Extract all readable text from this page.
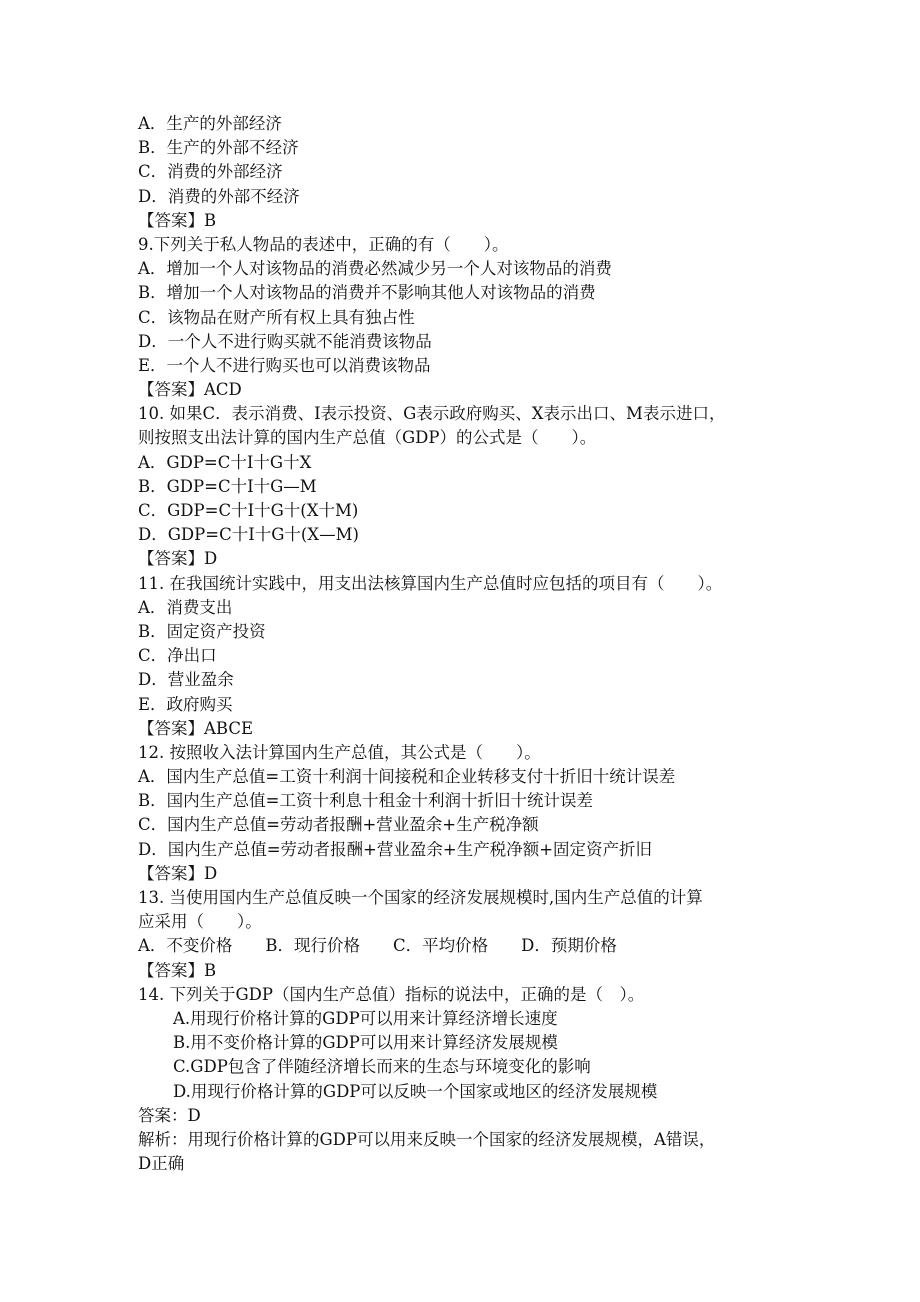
A．生产的外部经济
B．生产的外部不经济
C．消费的外部经济
D．消费的外部不经济
【答案】B
9.下列关于私人物品的表述中，正确的有（　　）。
A．增加一个人对该物品的消费必然减少另一个人对该物品的消费
B．增加一个人对该物品的消费并不影响其他人对该物品的消费
C．该物品在财产所有权上具有独占性
D．一个人不进行购买就不能消费该物品
E．一个人不进行购买也可以消费该物品
【答案】ACD
10. 如果C．表示消费、I表示投资、G表示政府购买、X表示出口、M表示进口，
则按照支出法计算的国内生产总值（GDP）的公式是（　　）。
A．GDP=C十I十G十X
B．GDP=C十I十G—M
C．GDP=C十I十G十(X十M)
D．GDP=C十I十G十(X—M)
【答案】D
11. 在我国统计实践中，用支出法核算国内生产总值时应包括的项目有（　　）。
A．消费支出
B．固定资产投资
C．净出口
D．营业盈余
E．政府购买
【答案】ABCE
12. 按照收入法计算国内生产总值，其公式是（　　）。
A．国内生产总值=工资十利润十间接税和企业转移支付十折旧十统计误差
B．国内生产总值=工资十利息十租金十利润十折旧十统计误差
C．国内生产总值=劳动者报酬+营业盈余+生产税净额
D．国内生产总值=劳动者报酬+营业盈余+生产税净额+固定资产折旧
【答案】D
13. 当使用国内生产总值反映一个国家的经济发展规模时,国内生产总值的计算
应采用（　　）。
A．不变价格　　B．现行价格　　C．平均价格　　D．预期价格
【答案】B
14. 下列关于GDP（国内生产总值）指标的说法中，正确的是（　）。
A.用现行价格计算的GDP可以用来计算经济增长速度
B.用不变价格计算的GDP可以用来计算经济发展规模
C.GDP包含了伴随经济增长而来的生态与环境变化的影响
D.用现行价格计算的GDP可以反映一个国家或地区的经济发展规模
答案：D
解析：用现行价格计算的GDP可以用来反映一个国家的经济发展规模，A错误，
D正确
